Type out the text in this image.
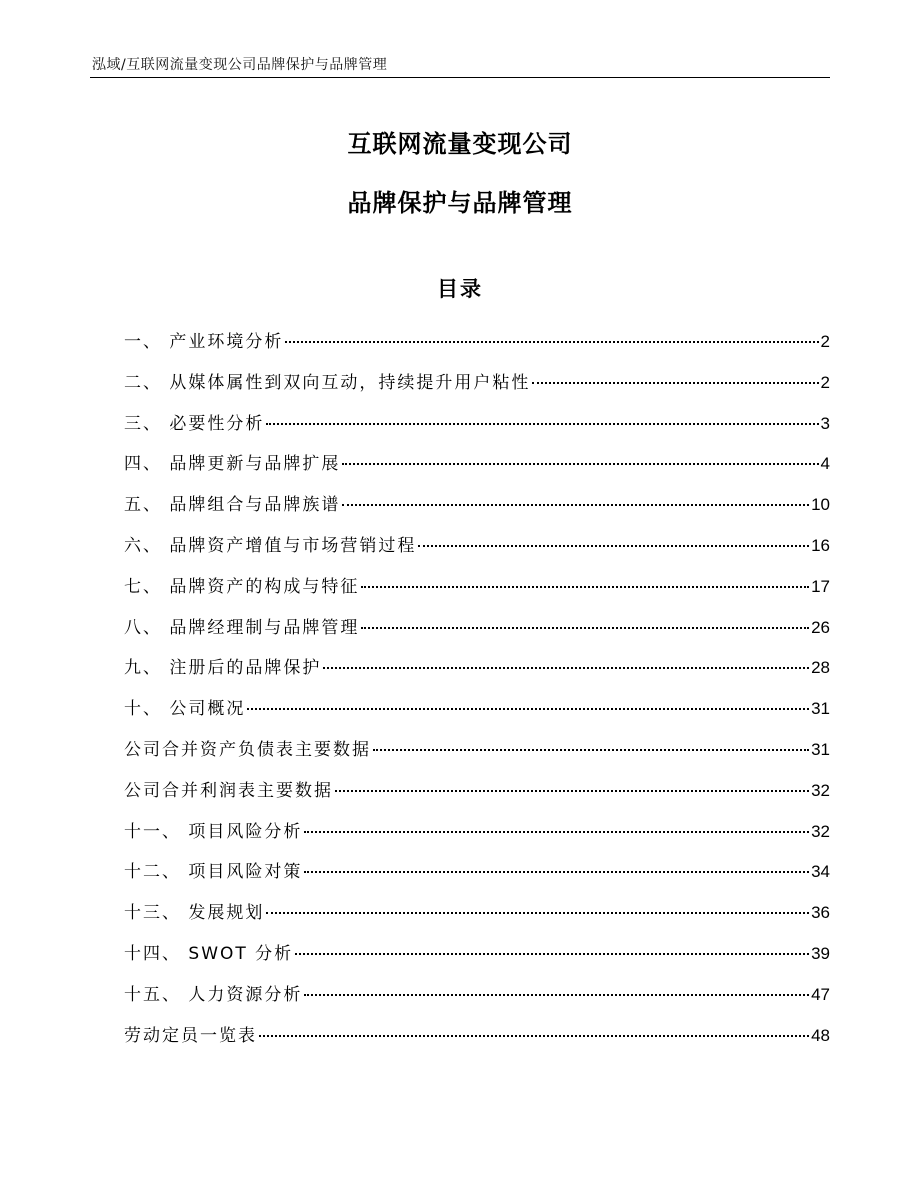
泓域/互联网流量变现公司品牌保护与品牌管理
互联网流量变现公司
品牌保护与品牌管理
目录
一、 产业环境分析	2
二、 从媒体属性到双向互动，持续提升用户粘性	2
三、 必要性分析	3
四、 品牌更新与品牌扩展	4
五、 品牌组合与品牌族谱	10
六、 品牌资产增值与市场营销过程	16
七、 品牌资产的构成与特征	17
八、 品牌经理制与品牌管理	26
九、 注册后的品牌保护	28
十、 公司概况	31
公司合并资产负债表主要数据	31
公司合并利润表主要数据	32
十一、 项目风险分析	32
十二、 项目风险对策	34
十三、 发展规划	36
十四、 SWOT 分析	39
十五、 人力资源分析	47
劳动定员一览表	48
